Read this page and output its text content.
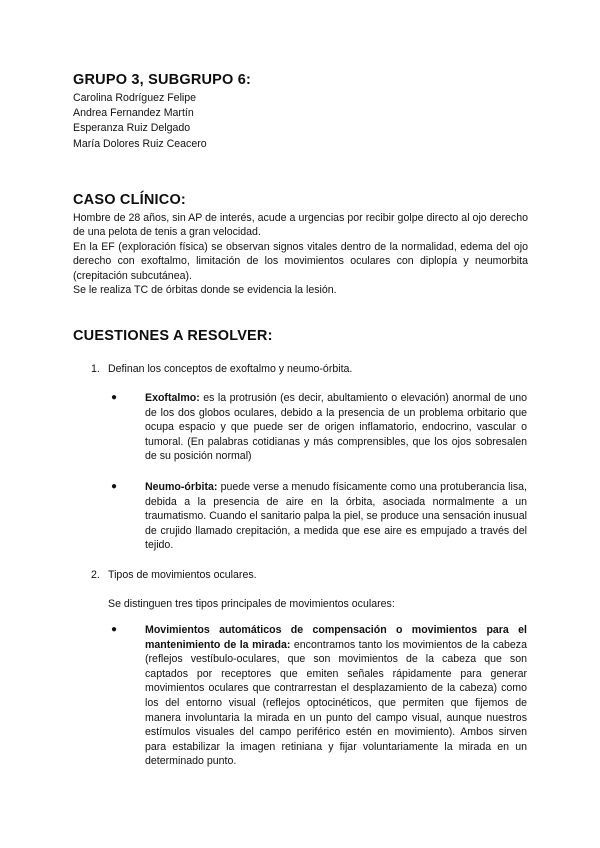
GRUPO 3, SUBGRUPO 6:
Carolina Rodríguez Felipe
Andrea Fernandez Martín
Esperanza Ruiz Delgado
María Dolores Ruiz Ceacero
CASO CLÍNICO:
Hombre de 28 años, sin AP de interés, acude a urgencias por recibir golpe directo al ojo derecho de una pelota de tenis a gran velocidad.
En la EF (exploración física) se observan signos vitales dentro de la normalidad, edema del ojo derecho con exoftalmo, limitación de los movimientos oculares con diplopía y neumorbita (crepitación subcutánea).
Se le realiza TC de órbitas donde se evidencia la lesión.
CUESTIONES A RESOLVER:

1. Definan los conceptos de exoftalmo y neumo-órbita.

●	Exoftalmo: es la protrusión (es decir, abultamiento o elevación) anormal de uno de los dos globos oculares, debido a la presencia de un problema orbitario que ocupa espacio y que puede ser de origen inflamatorio, endocrino, vascular o tumoral. (En palabras cotidianas y más comprensibles, que los ojos sobresalen de su posición normal)
●	Neumo-órbita: puede verse a menudo físicamente como una protuberancia lisa, debida a la presencia de aire en la órbita, asociada normalmente a un traumatismo. Cuando el sanitario palpa la piel, se produce una sensación inusual de crujido llamado crepitación, a medida que ese aire es empujado a través del tejido.

2. Tipos de movimientos oculares.

Se distinguen tres tipos principales de movimientos oculares:

●	Movimientos automáticos de compensación o movimientos para el mantenimiento de la mirada: encontramos tanto los movimientos de la cabeza (reflejos vestíbulo-oculares, que son movimientos de la cabeza que son captados por receptores que emiten señales rápidamente para generar movimientos oculares que contrarrestan el desplazamiento de la cabeza) como los del entorno visual (reflejos optocinéticos, que permiten que fijemos de manera involuntaria la mirada en un punto del campo visual, aunque nuestros estímulos visuales del campo periférico estén en movimiento). Ambos sirven para estabilizar la imagen retiniana y fijar voluntariamente la mirada en un determinado punto.
